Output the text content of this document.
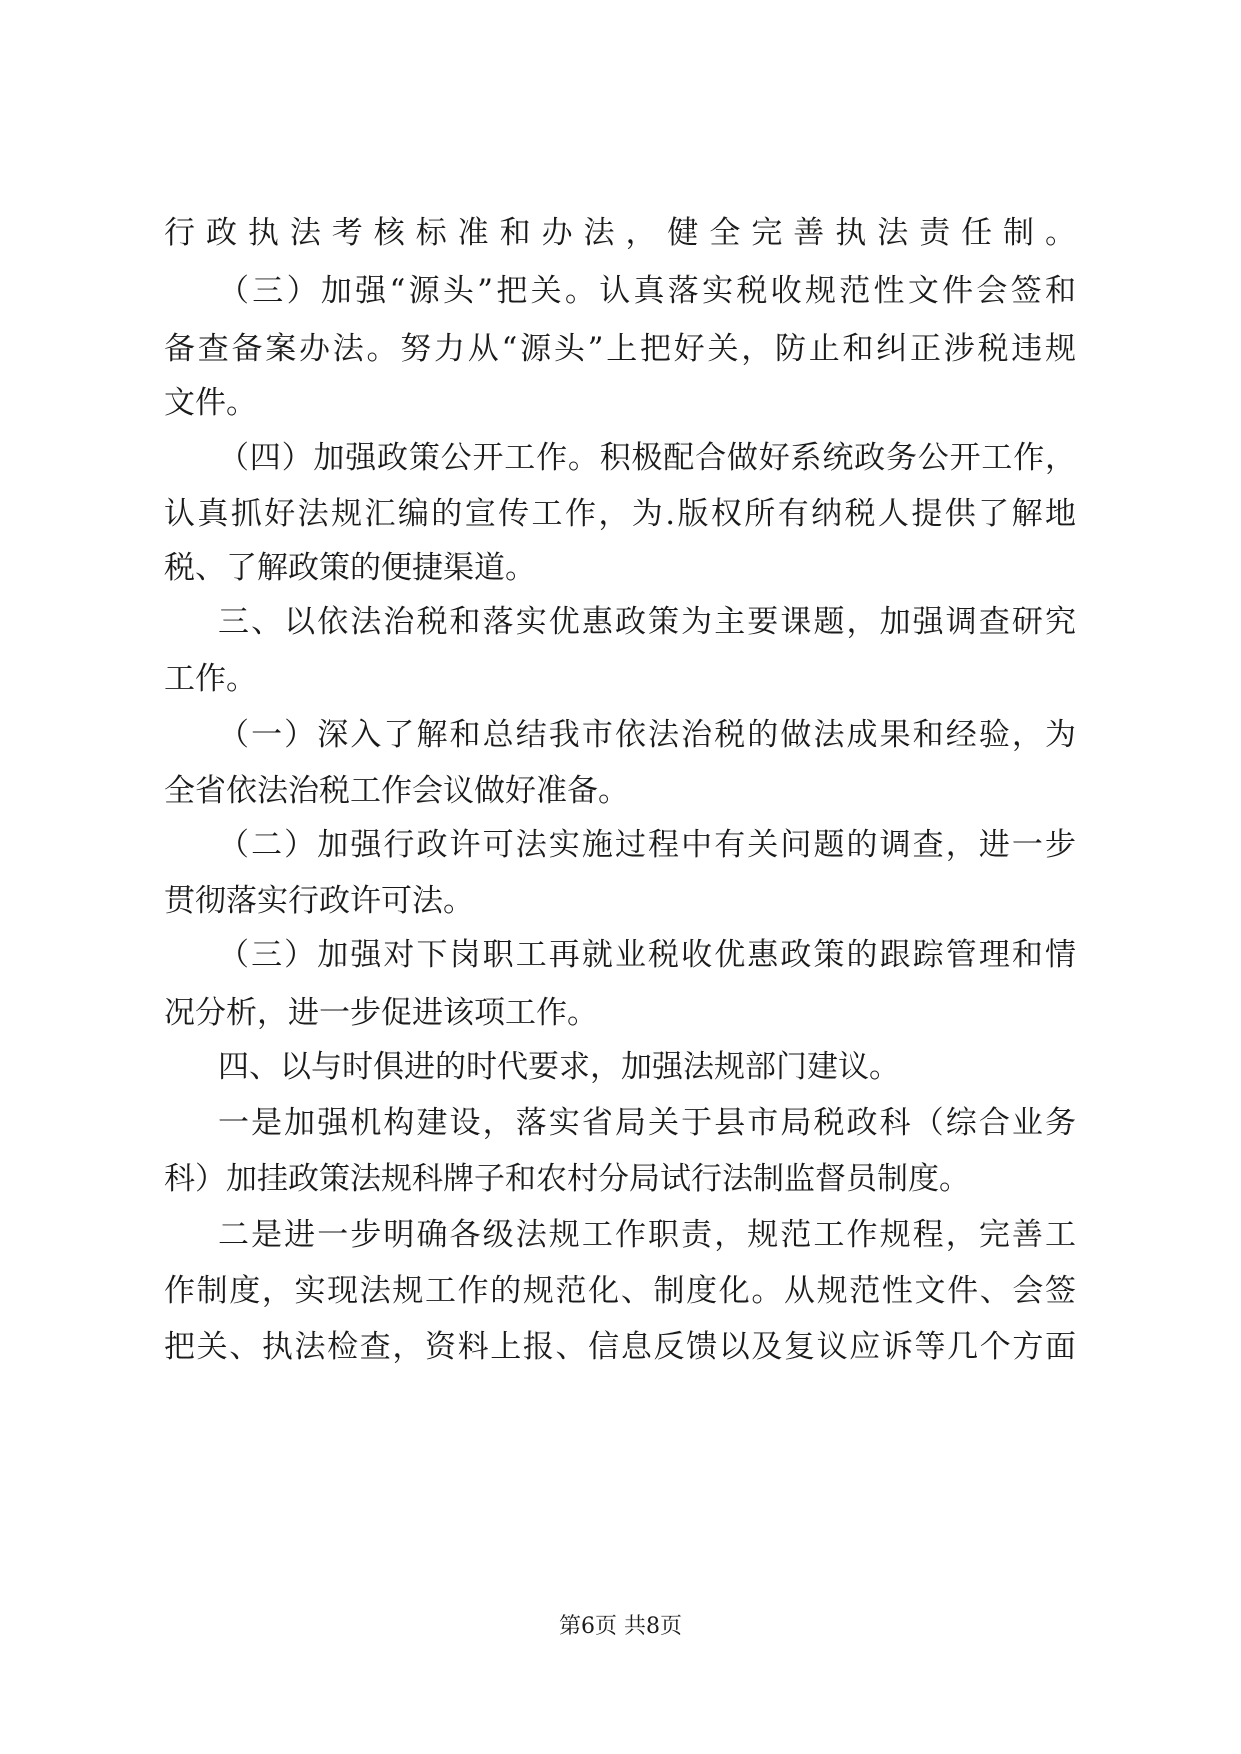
行政执法考核标准和办法，健全完善执法责任制。
（三）加强“源头”把关。认真落实税收规范性文件会签和
备查备案办法。努力从“源头”上把好关，防止和纠正涉税违规
文件。
（四）加强政策公开工作。积极配合做好系统政务公开工作，
认真抓好法规汇编的宣传工作，为.版权所有纳税人提供了解地
税、了解政策的便捷渠道。
三、以依法治税和落实优惠政策为主要课题，加强调查研究
工作。
（一）深入了解和总结我市依法治税的做法成果和经验，为
全省依法治税工作会议做好准备。
（二）加强行政许可法实施过程中有关问题的调查，进一步
贯彻落实行政许可法。
（三）加强对下岗职工再就业税收优惠政策的跟踪管理和情
况分析，进一步促进该项工作。
四、以与时俱进的时代要求，加强法规部门建议。
一是加强机构建设，落实省局关于县市局税政科（综合业务
科）加挂政策法规科牌子和农村分局试行法制监督员制度。
二是进一步明确各级法规工作职责，规范工作规程，完善工
作制度，实现法规工作的规范化、制度化。从规范性文件、会签
把关、执法检查，资料上报、信息反馈以及复议应诉等几个方面
第6页 共8页
